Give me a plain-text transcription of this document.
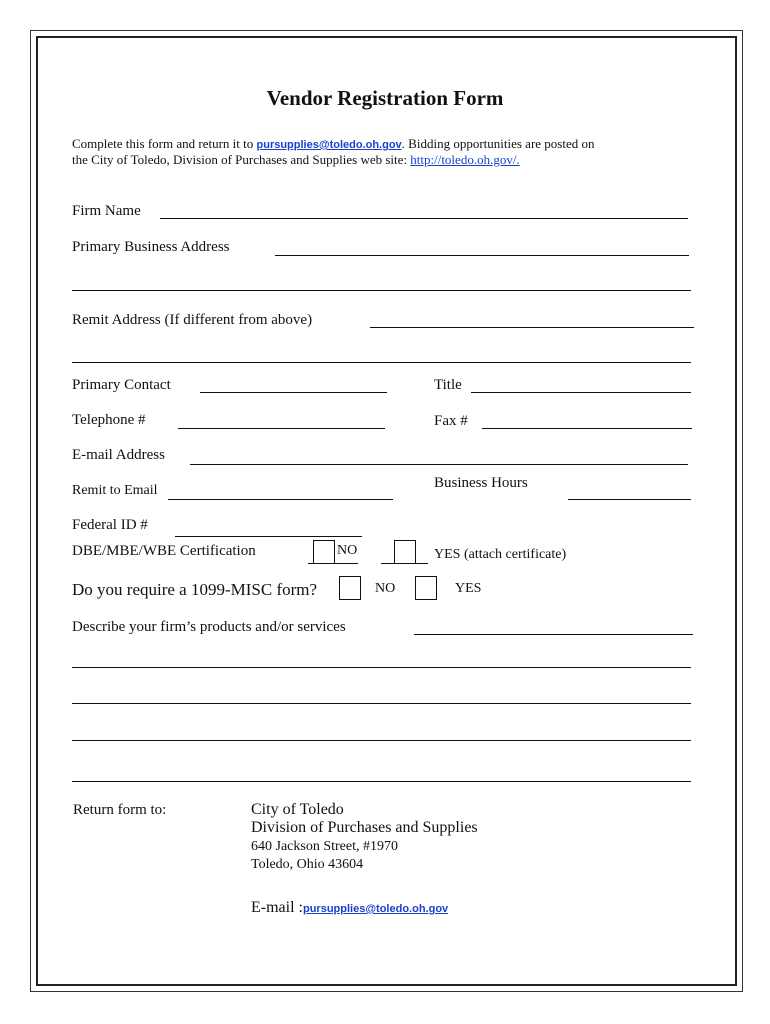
Vendor Registration Form
Complete this form and return it to pursupplies@toledo.oh.gov. Bidding opportunities are posted on
the City of Toledo, Division of Purchases and Supplies web site: http://toledo.oh.gov/.
Firm Name
Primary Business Address
Remit Address (If different from above)
Primary Contact	Title
Telephone #	Fax #
E-mail Address
Remit to Email	Business Hours
Federal ID #
DBE/MBE/WBE Certification	NO	YES (attach certificate)
Do you require a 1099-MISC form?	NO	YES
Describe your firm’s products and/or services
Return form to:	City of Toledo
Division of Purchases and Supplies
640 Jackson Street, #1970
Toledo, Ohio 43604
E-mail :pursupplies@toledo.oh.gov
